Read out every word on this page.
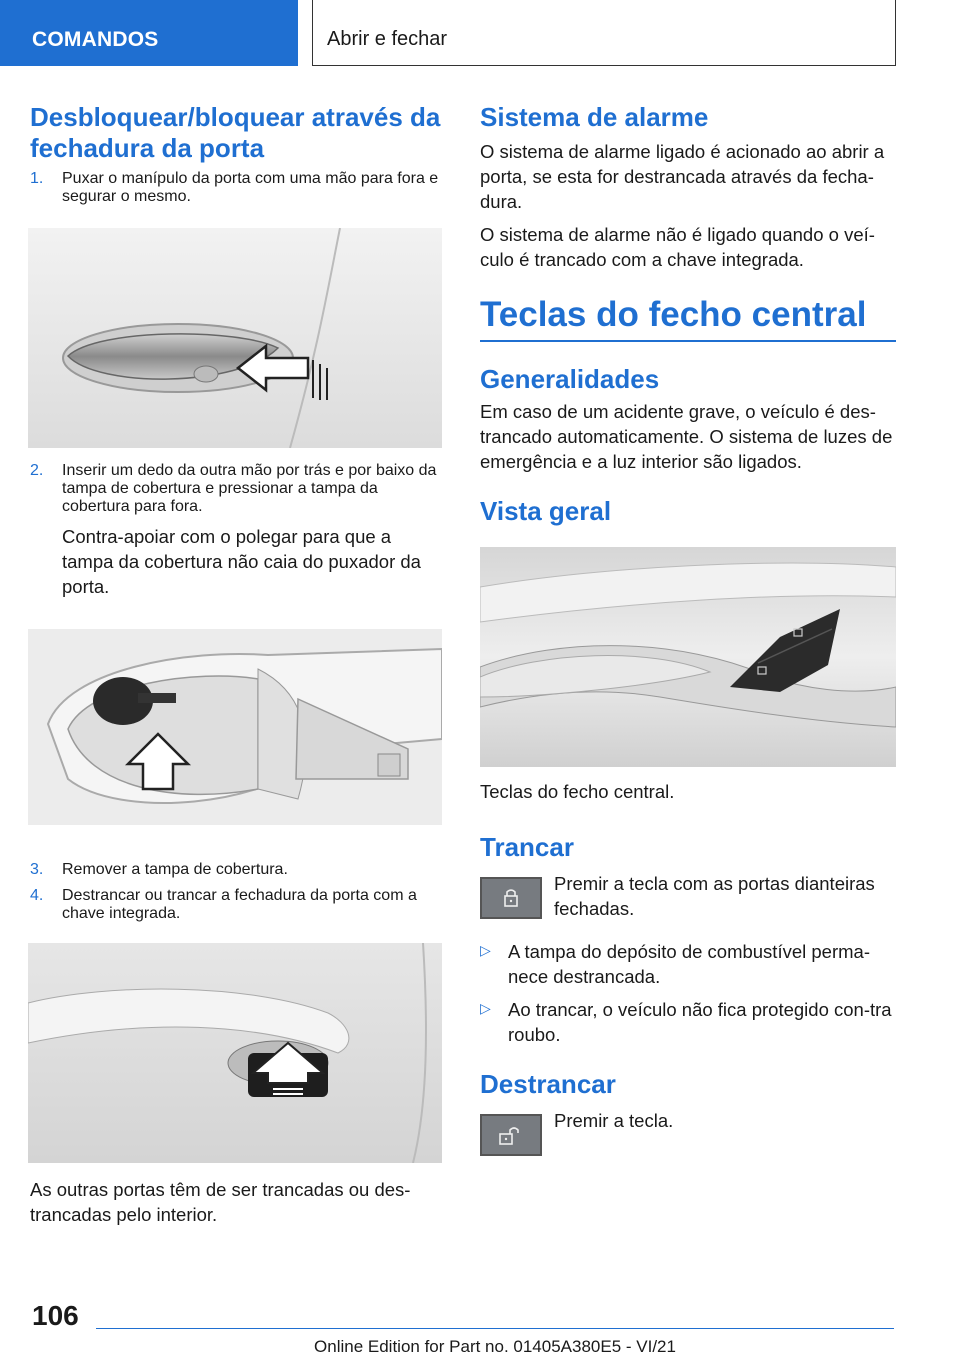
COMANDOS	Abrir e fechar
Desbloquear/bloquear através da fechadura da porta
1.	Puxar o manípulo da porta com uma mão para fora e segurar o mesmo.
2.	Inserir um dedo da outra mão por trás e por baixo da tampa de cobertura e pressionar a tampa da cobertura para fora.

Contra-apoiar com o polegar para que a tampa da cobertura não caia do puxador da porta.

3.	Remover a tampa de cobertura.
4.	Destrancar ou trancar a fechadura da porta com a chave integrada.

As outras portas têm de ser trancadas ou des-trancadas pelo interior.

Sistema de alarme

O sistema de alarme ligado é acionado ao abrir a porta, se esta for destrancada através da fecha-dura.

O sistema de alarme não é ligado quando o veí-culo é trancado com a chave integrada.

Teclas do fecho central
Generalidades

Em caso de um acidente grave, o veículo é des-trancado automaticamente. O sistema de luzes de emergência e a luz interior são ligados.

Vista geral

Teclas do fecho central.

Trancar

Premir a tecla com as portas dianteiras fechadas.

▷ A tampa do depósito de combustível perma-nece destrancada.

▷ Ao trancar, o veículo não fica protegido con-tra roubo.

Destrancar

Premir a tecla.

106
Online Edition for Part no. 01405A380E5 - VI/21
